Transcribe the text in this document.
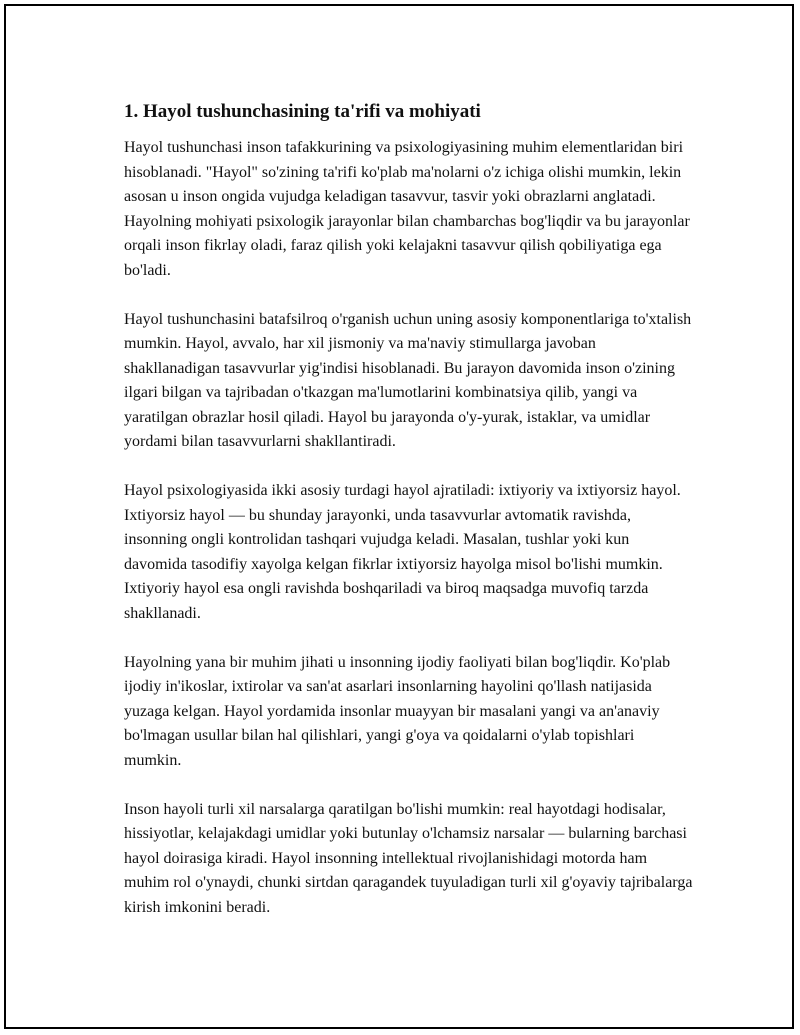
1. Hayol tushunchasining ta'rifi va mohiyati

Hayol tushunchasi inson tafakkurining va psixologiyasining muhim elementlaridan biri hisoblanadi. "Hayol" so'zining ta'rifi ko'plab ma'nolarni o'z ichiga olishi mumkin, lekin asosan u inson ongida vujudga keladigan tasavvur, tasvir yoki obrazlarni anglatadi. Hayolning mohiyati psixologik jarayonlar bilan chambarchas bog'liqdir va bu jarayonlar orqali inson fikrlay oladi, faraz qilish yoki kelajakni tasavvur qilish qobiliyatiga ega bo'ladi.

Hayol tushunchasini batafsilroq o'rganish uchun uning asosiy komponentlariga to'xtalish mumkin. Hayol, avvalo, har xil jismoniy va ma'naviy stimullarga javoban shakllanadigan tasavvurlar yig'indisi hisoblanadi. Bu jarayon davomida inson o'zining ilgari bilgan va tajribadan o'tkazgan ma'lumotlarini kombinatsiya qilib, yangi va yaratilgan obrazlar hosil qiladi. Hayol bu jarayonda o'y-yurak, istaklar, va umidlar yordami bilan tasavvurlarni shakllantiradi.

Hayol psixologiyasida ikki asosiy turdagi hayol ajratiladi: ixtiyoriy va ixtiyorsiz hayol. Ixtiyorsiz hayol — bu shunday jarayonki, unda tasavvurlar avtomatik ravishda, insonning ongli kontrolidan tashqari vujudga keladi. Masalan, tushlar yoki kun davomida tasodifiy xayolga kelgan fikrlar ixtiyorsiz hayolga misol bo'lishi mumkin. Ixtiyoriy hayol esa ongli ravishda boshqariladi va biroq maqsadga muvofiq tarzda shakllanadi.

Hayolning yana bir muhim jihati u insonning ijodiy faoliyati bilan bog'liqdir. Ko'plab ijodiy in'ikoslar, ixtirolar va san'at asarlari insonlarning hayolini qo'llash natijasida yuzaga kelgan. Hayol yordamida insonlar muayyan bir masalani yangi va an'anaviy bo'lmagan usullar bilan hal qilishlari, yangi g'oya va qoidalarni o'ylab topishlari mumkin.

Inson hayoli turli xil narsalarga qaratilgan bo'lishi mumkin: real hayotdagi hodisalar, hissiyotlar, kelajakdagi umidlar yoki butunlay o'lchamsiz narsalar — bularning barchasi hayol doirasiga kiradi. Hayol insonning intellektual rivojlanishidagi motorda ham muhim rol o'ynaydi, chunki sirtdan qaragandek tuyuladigan turli xil g'oyaviy tajribalarga kirish imkonini beradi.
